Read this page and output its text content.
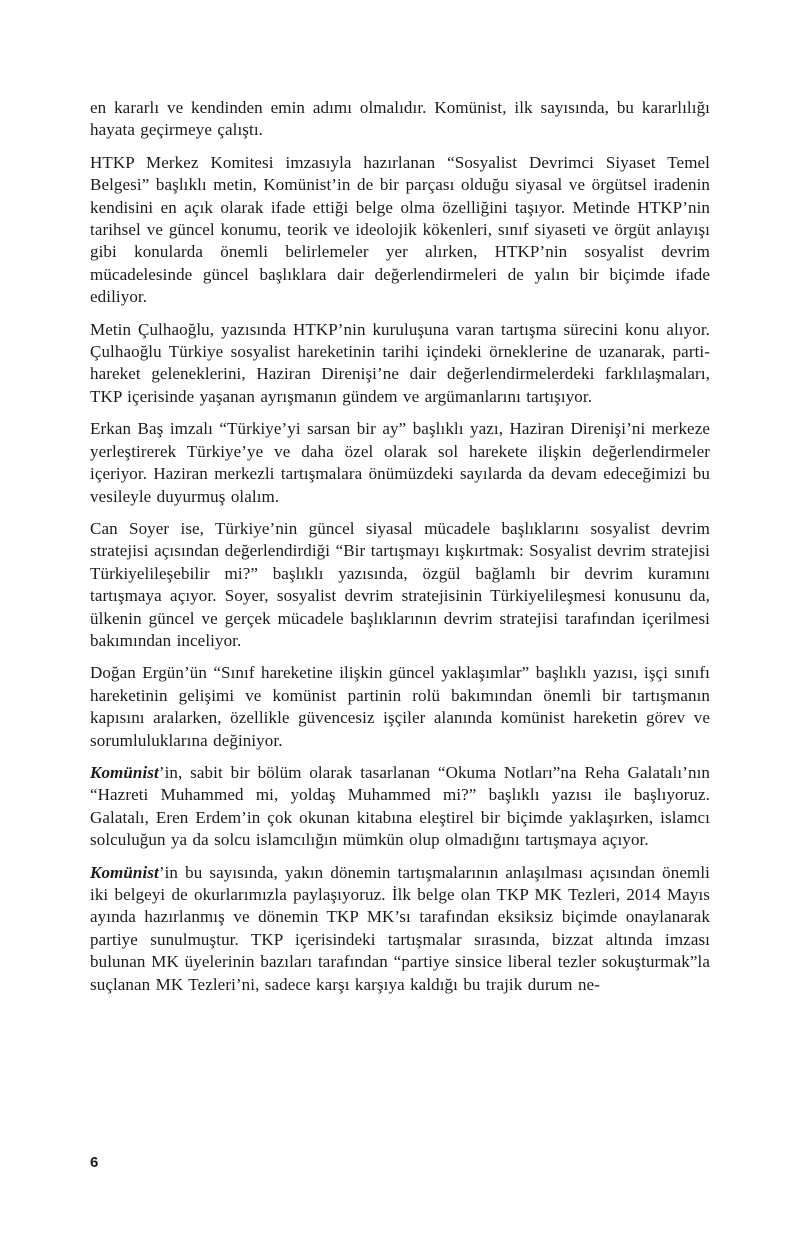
en kararlı ve kendinden emin adımı olmalıdır. Komünist, ilk sayısında, bu kararlılığı hayata geçirmeye çalıştı.

HTKP Merkez Komitesi imzasıyla hazırlanan “Sosyalist Devrimci Siyaset Temel Belgesi” başlıklı metin, Komünist’in de bir parçası olduğu siyasal ve örgütsel iradenin kendisini en açık olarak ifade ettiği belge olma özelliğini taşıyor. Metinde HTKP’nin tarihsel ve güncel konumu, teorik ve ideolojik kökenleri, sınıf siyaseti ve örgüt anlayışı gibi konularda önemli belirlemeler yer alırken, HTKP’nin sosyalist devrim mücadelesinde güncel başlıklara dair değerlendirmeleri de yalın bir biçimde ifade ediliyor.

Metin Çulhaoğlu, yazısında HTKP’nin kuruluşuna varan tartışma sürecini konu alıyor. Çulhaoğlu Türkiye sosyalist hareketinin tarihi içindeki örneklerine de uzanarak, parti-hareket geleneklerini, Haziran Direnişi’ne dair değerlendirmelerdeki farklılaşmaları, TKP içerisinde yaşanan ayrışmanın gündem ve argümanlarını tartışıyor.

Erkan Baş imzalı “Türkiye’yi sarsan bir ay” başlıklı yazı, Haziran Direnişi’ni merkeze yerleştirerek Türkiye’ye ve daha özel olarak sol harekete ilişkin değerlendirmeler içeriyor. Haziran merkezli tartışmalara önümüzdeki sayılarda da devam edeceğimizi bu vesileyle duyurmuş olalım.

Can Soyer ise, Türkiye’nin güncel siyasal mücadele başlıklarını sosyalist devrim stratejisi açısından değerlendirdiği “Bir tartışmayı kışkırtmak: Sosyalist devrim stratejisi Türkiyelileşebilir mi?” başlıklı yazısında, özgül bağlamlı bir devrim kuramını tartışmaya açıyor. Soyer, sosyalist devrim stratejisinin Türkiyelileşmesi konusunu da, ülkenin güncel ve gerçek mücadele başlıklarının devrim stratejisi tarafından içerilmesi bakımından inceliyor.

Doğan Ergün’ün “Sınıf hareketine ilişkin güncel yaklaşımlar” başlıklı yazısı, işçi sınıfı hareketinin gelişimi ve komünist partinin rolü bakımından önemli bir tartışmanın kapısını aralarken, özellikle güvencesiz işçiler alanında komünist hareketin görev ve sorumluluklarına değiniyor.

Komünist’in, sabit bir bölüm olarak tasarlanan “Okuma Notları”na Reha Galatalı’nın “Hazreti Muhammed mi, yoldaş Muhammed mi?” başlıklı yazısı ile başlıyoruz. Galatalı, Eren Erdem’in çok okunan kitabına eleştirel bir biçimde yaklaşırken, islamcı solculuğun ya da solcu islamcılığın mümkün olup olmadığını tartışmaya açıyor.

Komünist’in bu sayısında, yakın dönemin tartışmalarının anlaşılması açısından önemli iki belgeyi de okurlarımızla paylaşıyoruz. İlk belge olan TKP MK Tezleri, 2014 Mayıs ayında hazırlanmış ve dönemin TKP MK’sı tarafından eksiksiz biçimde onaylanarak partiye sunulmuştur. TKP içerisindeki tartışmalar sırasında, bizzat altında imzası bulunan MK üyelerinin bazıları tarafından “partiye sinsice liberal tezler sokuşturmak”la suçlanan MK Tezleri’ni, sadece karşı karşıya kaldığı bu trajik durum ne-

6
